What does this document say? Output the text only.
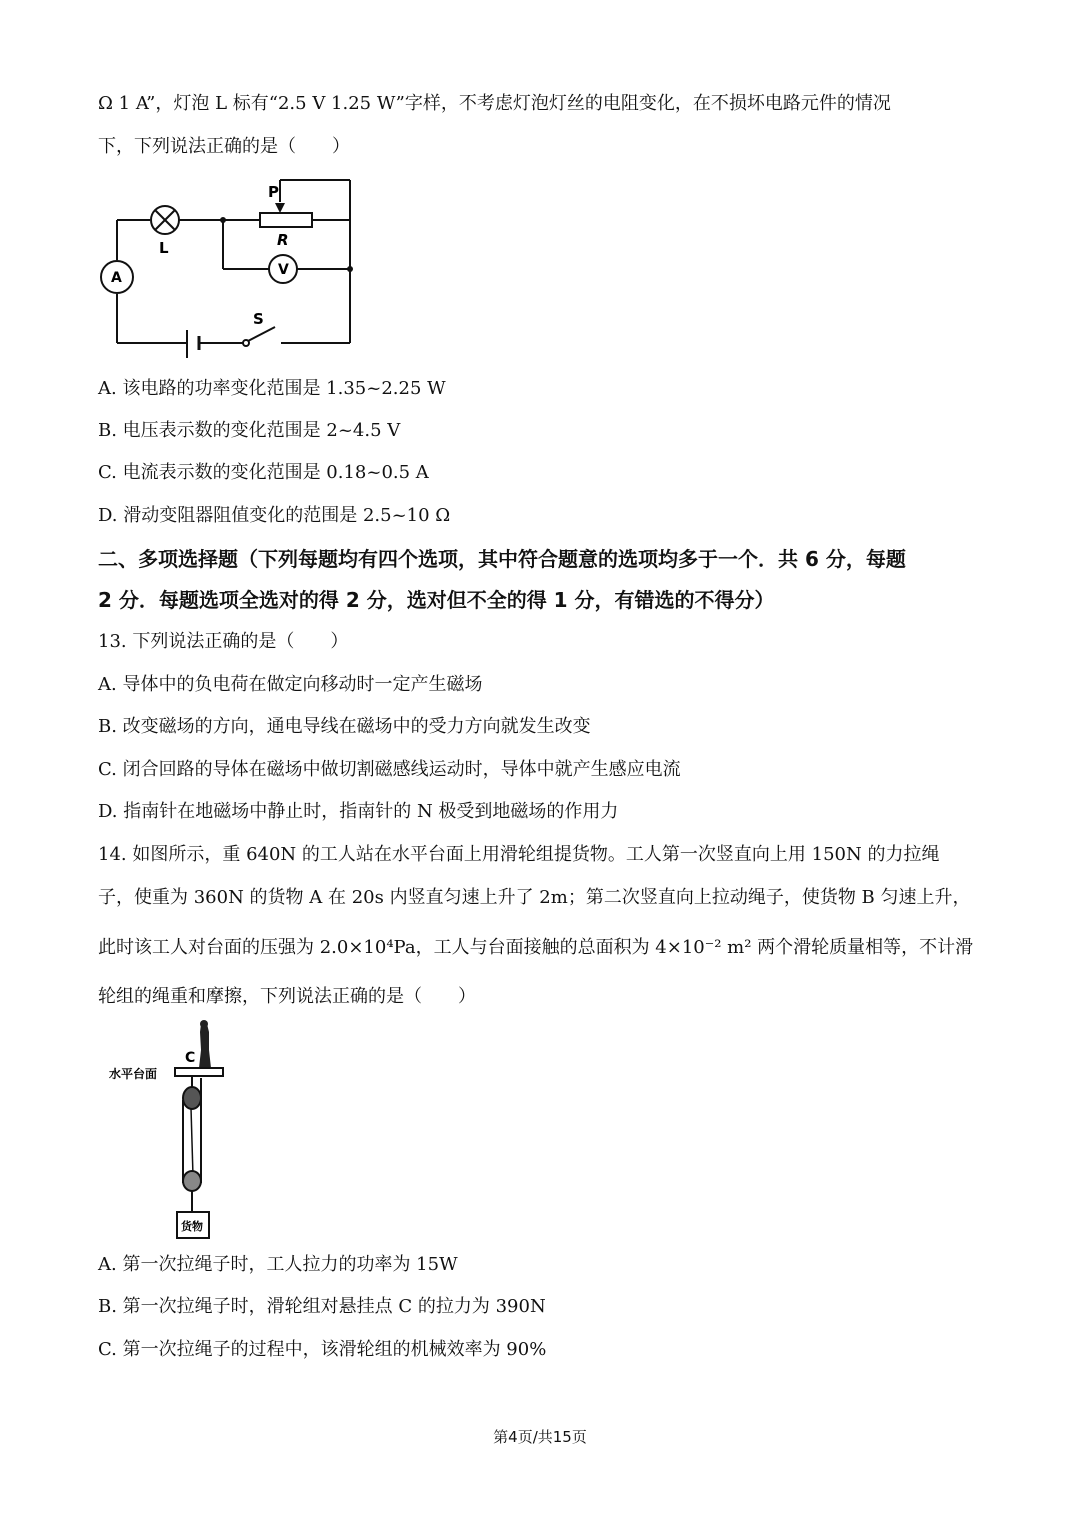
Ω 1 A”，灯泡 L 标有“2.5 V 1.25 W”字样，不考虑灯泡灯丝的电阻变化，在不损坏电路元件的情况
下，下列说法正确的是（　　）
P
L	R
V
A
S
A. 该电路的功率变化范围是 1.35~2.25 W
B. 电压表示数的变化范围是 2~4.5 V
C. 电流表示数的变化范围是 0.18~0.5 A
D. 滑动变阻器阻值变化的范围是 2.5~10 Ω
二、多项选择题（下列每题均有四个选项，其中符合题意的选项均多于一个．共 6 分，每题
2 分．每题选项全选对的得 2 分，选对但不全的得 1 分，有错选的不得分）
13. 下列说法正确的是（　　）
A. 导体中的负电荷在做定向移动时一定产生磁场
B. 改变磁场的方向，通电导线在磁场中的受力方向就发生改变
C. 闭合回路的导体在磁场中做切割磁感线运动时，导体中就产生感应电流
D. 指南针在地磁场中静止时，指南针的 N 极受到地磁场的作用力
14. 如图所示，重 640N 的工人站在水平台面上用滑轮组提货物。工人第一次竖直向上用 150N 的力拉绳
子，使重为 360N 的货物 A 在 20s 内竖直匀速上升了 2m；第二次竖直向上拉动绳子，使货物 B 匀速上升，
此时该工人对台面的压强为 2.0×10⁴Pa，工人与台面接触的总面积为 4×10⁻² m² 两个滑轮质量相等，不计滑
轮组的绳重和摩擦，下列说法正确的是（　　）
水平台面
C
货物
A. 第一次拉绳子时，工人拉力的功率为 15W
B. 第一次拉绳子时，滑轮组对悬挂点 C 的拉力为 390N
C. 第一次拉绳子的过程中，该滑轮组的机械效率为 90%
第4页/共15页
